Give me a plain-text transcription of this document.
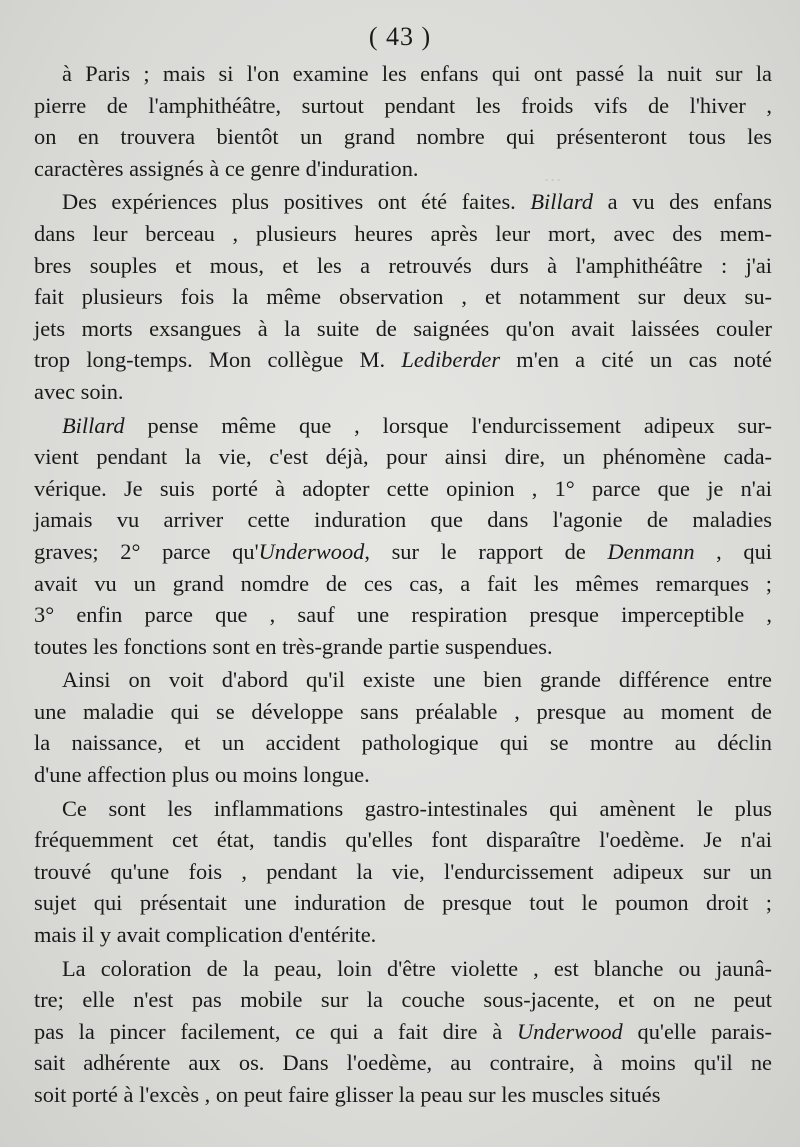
…
( 43 )
à Paris ; mais si l'on examine les enfans qui ont passé la nuit sur la
pierre de l'amphithéâtre, surtout pendant les froids vifs de l'hiver ,
on en trouvera bientôt un grand nombre qui présenteront tous les
caractères assignés à ce genre d'induration.
Des expériences plus positives ont été faites. Billard a vu des enfans
dans leur berceau , plusieurs heures après leur mort, avec des mem-
bres souples et mous, et les a retrouvés durs à l'amphithéâtre : j'ai
fait plusieurs fois la même observation , et notamment sur deux su-
jets morts exsangues à la suite de saignées qu'on avait laissées couler
trop long-temps. Mon collègue M. Lediberder m'en a cité un cas noté
avec soin.
Billard pense même que , lorsque l'endurcissement adipeux sur-
vient pendant la vie, c'est déjà, pour ainsi dire, un phénomène cada-
vérique. Je suis porté à adopter cette opinion , 1° parce que je n'ai
jamais vu arriver cette induration que dans l'agonie de maladies
graves; 2° parce qu'Underwood, sur le rapport de Denmann , qui
avait vu un grand nomdre de ces cas, a fait les mêmes remarques ;
3° enfin parce que , sauf une respiration presque imperceptible ,
toutes les fonctions sont en très-grande partie suspendues.
Ainsi on voit d'abord qu'il existe une bien grande différence entre
une maladie qui se développe sans préalable , presque au moment de
la naissance, et un accident pathologique qui se montre au déclin
d'une affection plus ou moins longue.
Ce sont les inflammations gastro-intestinales qui amènent le plus
fréquemment cet état, tandis qu'elles font disparaître l'oedème. Je n'ai
trouvé qu'une fois , pendant la vie, l'endurcissement adipeux sur un
sujet qui présentait une induration de presque tout le poumon droit ;
mais il y avait complication d'entérite.
La coloration de la peau, loin d'être violette , est blanche ou jaunâ-
tre; elle n'est pas mobile sur la couche sous-jacente, et on ne peut
pas la pincer facilement, ce qui a fait dire à Underwood qu'elle parais-
sait adhérente aux os. Dans l'oedème, au contraire, à moins qu'il ne
soit porté à l'excès , on peut faire glisser la peau sur les muscles situés
